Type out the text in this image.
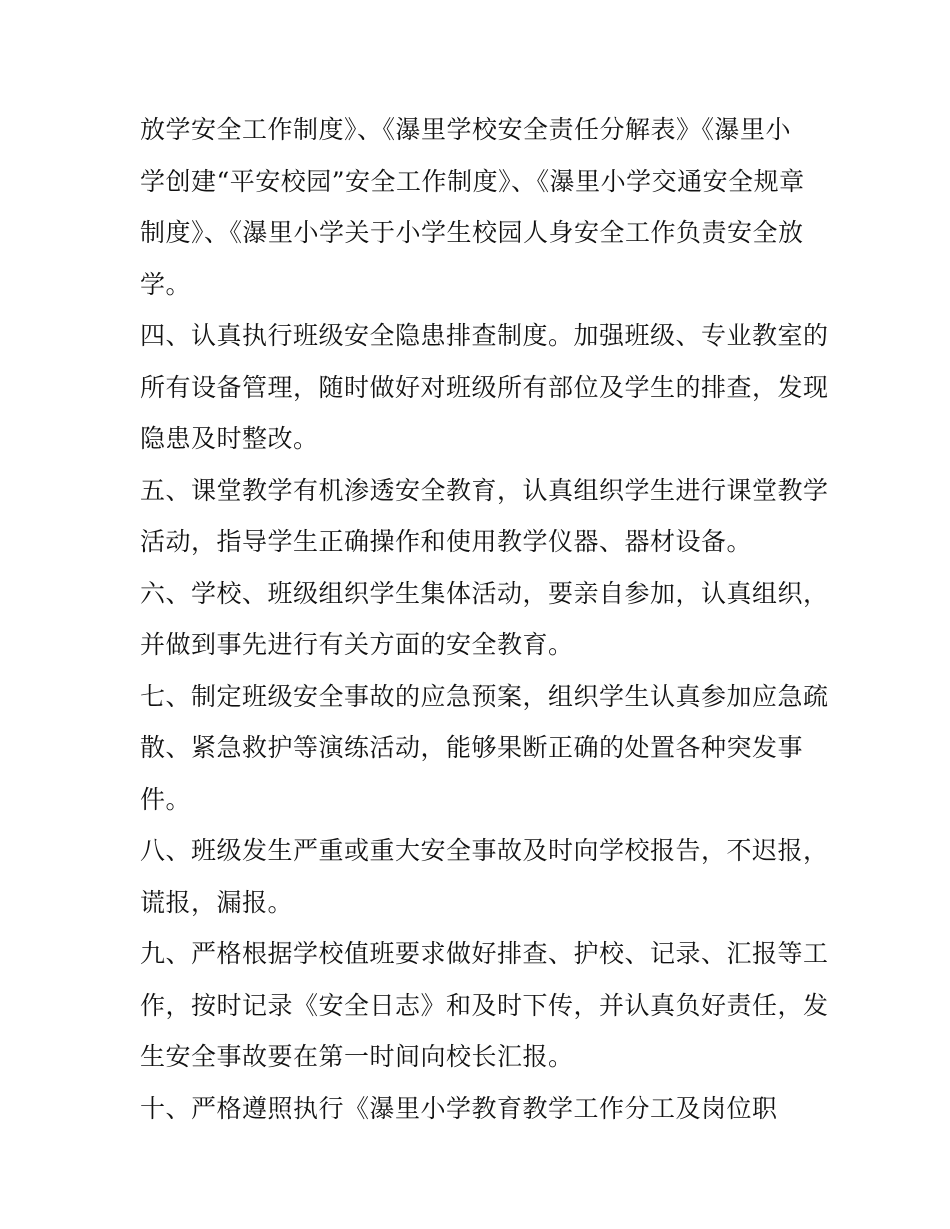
放学安全工作制度》、《瀑里学校安全责任分解表》《瀑里小
学创建“平安校园”安全工作制度》、《瀑里小学交通安全规章
制度》、《瀑里小学关于小学生校园人身安全工作负责安全放
学。
四、认真执行班级安全隐患排查制度。加强班级、专业教室的
所有设备管理，随时做好对班级所有部位及学生的排查，发现
隐患及时整改。
五、课堂教学有机渗透安全教育，认真组织学生进行课堂教学
活动，指导学生正确操作和使用教学仪器、器材设备。
六、学校、班级组织学生集体活动，要亲自参加，认真组织，
并做到事先进行有关方面的安全教育。
七、制定班级安全事故的应急预案，组织学生认真参加应急疏
散、紧急救护等演练活动，能够果断正确的处置各种突发事
件。
八、班级发生严重或重大安全事故及时向学校报告，不迟报，
谎报，漏报。
九、严格根据学校值班要求做好排查、护校、记录、汇报等工
作，按时记录《安全日志》和及时下传，并认真负好责任，发
生安全事故要在第一时间向校长汇报。
十、严格遵照执行《瀑里小学教育教学工作分工及岗位职
